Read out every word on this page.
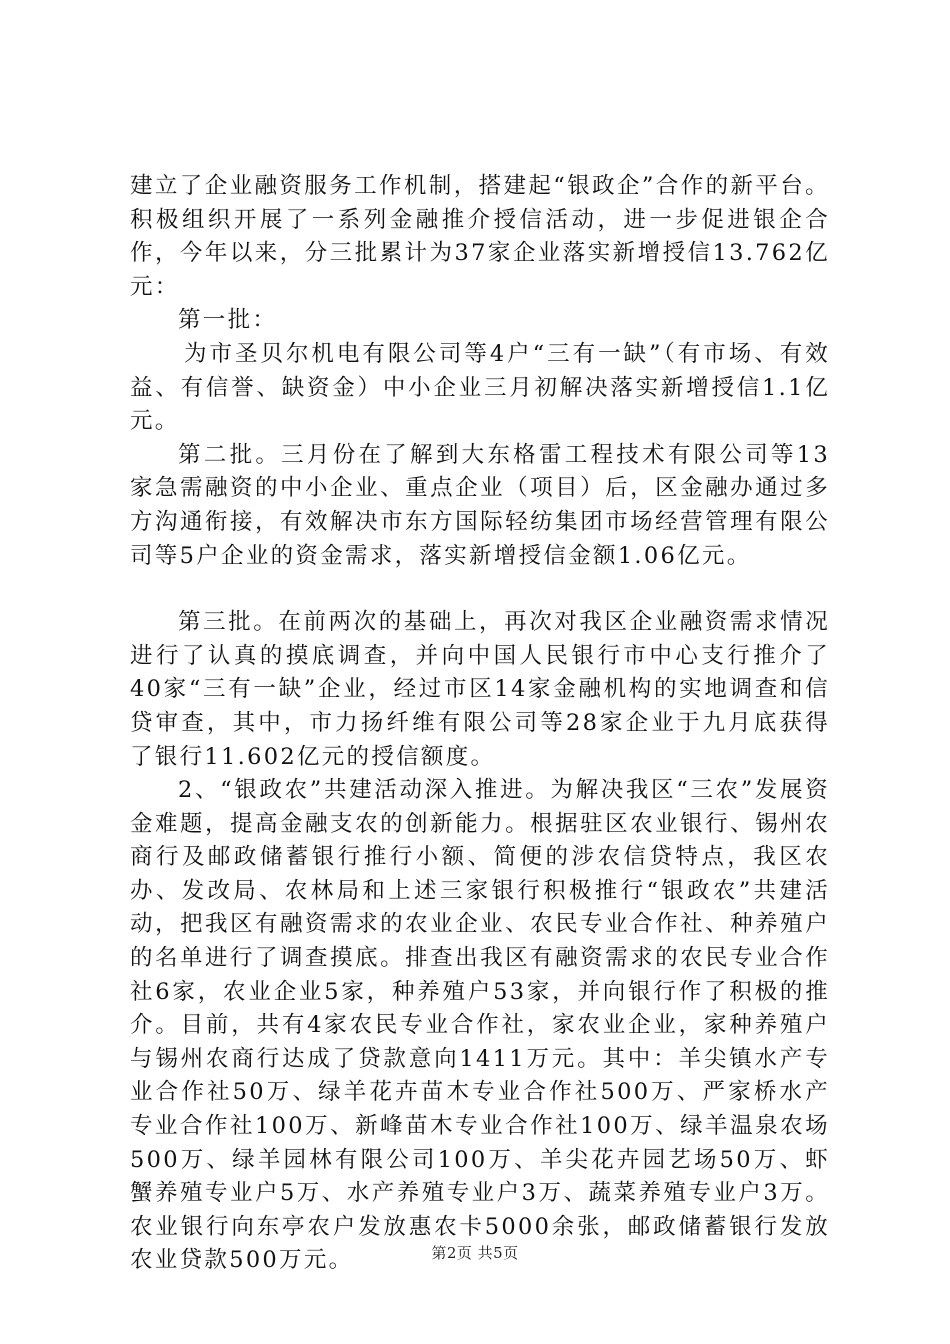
建立了企业融资服务工作机制，搭建起“银政企”合作的新平台。积极组织开展了一系列金融推介授信活动，进一步促进银企合作，今年以来，分三批累计为37家企业落实新增授信13.762亿元：

第一批：

为市圣贝尔机电有限公司等4户“三有一缺”（有市场、有效益、有信誉、缺资金）中小企业三月初解决落实新增授信1.1亿元。

第二批。三月份在了解到大东格雷工程技术有限公司等13家急需融资的中小企业、重点企业（项目）后，区金融办通过多方沟通衔接，有效解决市东方国际轻纺集团市场经营管理有限公司等5户企业的资金需求，落实新增授信金额1.06亿元。

第三批。在前两次的基础上，再次对我区企业融资需求情况进行了认真的摸底调查，并向中国人民银行市中心支行推介了40家“三有一缺”企业，经过市区14家金融机构的实地调查和信贷审查，其中，市力扬纤维有限公司等28家企业于九月底获得了银行11.602亿元的授信额度。

2、“银政农”共建活动深入推进。为解决我区“三农”发展资金难题，提高金融支农的创新能力。根据驻区农业银行、锡州农商行及邮政储蓄银行推行小额、简便的涉农信贷特点，我区农办、发改局、农林局和上述三家银行积极推行“银政农”共建活动，把我区有融资需求的农业企业、农民专业合作社、种养殖户的名单进行了调查摸底。排查出我区有融资需求的农民专业合作社6家，农业企业5家，种养殖户53家，并向银行作了积极的推介。目前，共有4家农民专业合作社，家农业企业，家种养殖户与锡州农商行达成了贷款意向1411万元。其中：羊尖镇水产专业合作社50万、绿羊花卉苗木专业合作社500万、严家桥水产专业合作社100万、新峰苗木专业合作社100万、绿羊温泉农场500万、绿羊园林有限公司100万、羊尖花卉园艺场50万、虾蟹养殖专业户5万、水产养殖专业户3万、蔬菜养殖专业户3万。农业银行向东亭农户发放惠农卡5000余张，邮政储蓄银行发放农业贷款500万元。	第2页 共5页
